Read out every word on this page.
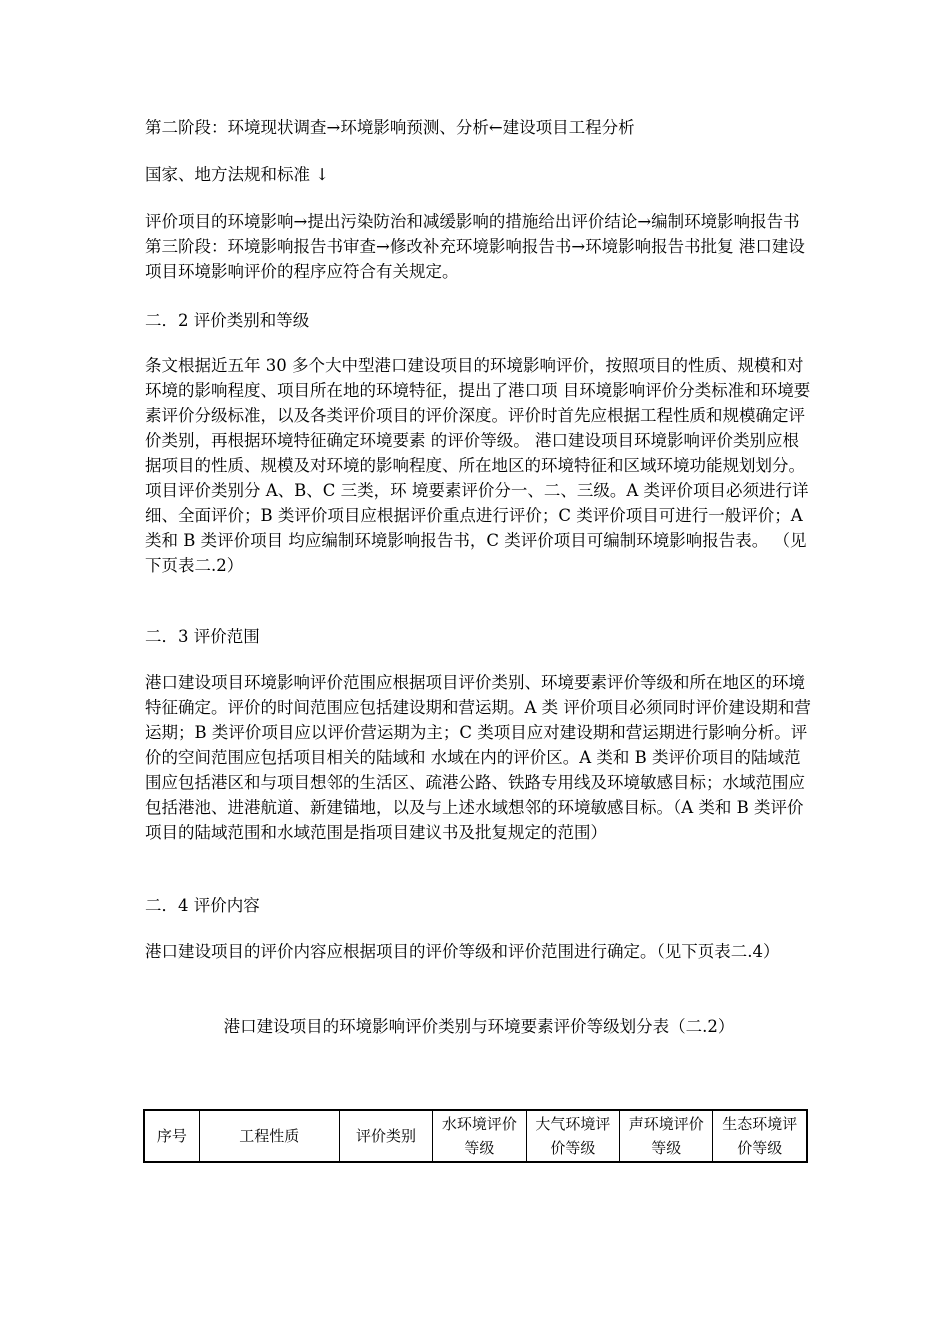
第二阶段：环境现状调查→环境影响预测、分析←建设项目工程分析
国家、地方法规和标准 ↓
评价项目的环境影响→提出污染防治和减缓影响的措施给出评价结论→编制环境影响报告书 第三阶段：环境影响报告书审查→修改补充环境影响报告书→环境影响报告书批复 港口建设项目环境影响评价的程序应符合有关规定。
二．2 评价类别和等级
条文根据近五年 30 多个大中型港口建设项目的环境影响评价，按照项目的性质、规模和对环境的影响程度、项目所在地的环境特征，提出了港口项 目环境影响评价分类标准和环境要素评价分级标准，以及各类评价项目的评价深度。评价时首先应根据工程性质和规模确定评价类别，再根据环境特征确定环境要素 的评价等级。 港口建设项目环境影响评价类别应根据项目的性质、规模及对环境的影响程度、所在地区的环境特征和区域环境功能规划划分。项目评价类别分 A、B、C 三类，环 境要素评价分一、二、三级。A 类评价项目必须进行详细、全面评价；B 类评价项目应根据评价重点进行评价；C 类评价项目可进行一般评价；A 类和 B 类评价项目 均应编制环境影响报告书，C 类评价项目可编制环境影响报告表。 （见下页表二.2）
二．3 评价范围
港口建设项目环境影响评价范围应根据项目评价类别、环境要素评价等级和所在地区的环境特征确定。评价的时间范围应包括建设期和营运期。A 类 评价项目必须同时评价建设期和营运期；B 类评价项目应以评价营运期为主；C 类项目应对建设期和营运期进行影响分析。评价的空间范围应包括项目相关的陆域和 水域在内的评价区。A 类和 B 类评价项目的陆域范围应包括港区和与项目想邻的生活区、疏港公路、铁路专用线及环境敏感目标；水域范围应包括港池、进港航道、新建锚地，以及与上述水域想邻的环境敏感目标。（A 类和 B 类评价项目的陆域范围和水域范围是指项目建议书及批复规定的范围）
二．4 评价内容
港口建设项目的评价内容应根据项目的评价等级和评价范围进行确定。（见下页表二.4）
港口建设项目的环境影响评价类别与环境要素评价等级划分表（二.2）
序号	工程性质	评价类别	水环境评价等级	大气环境评价等级	声环境评价等级	生态环境评价等级
